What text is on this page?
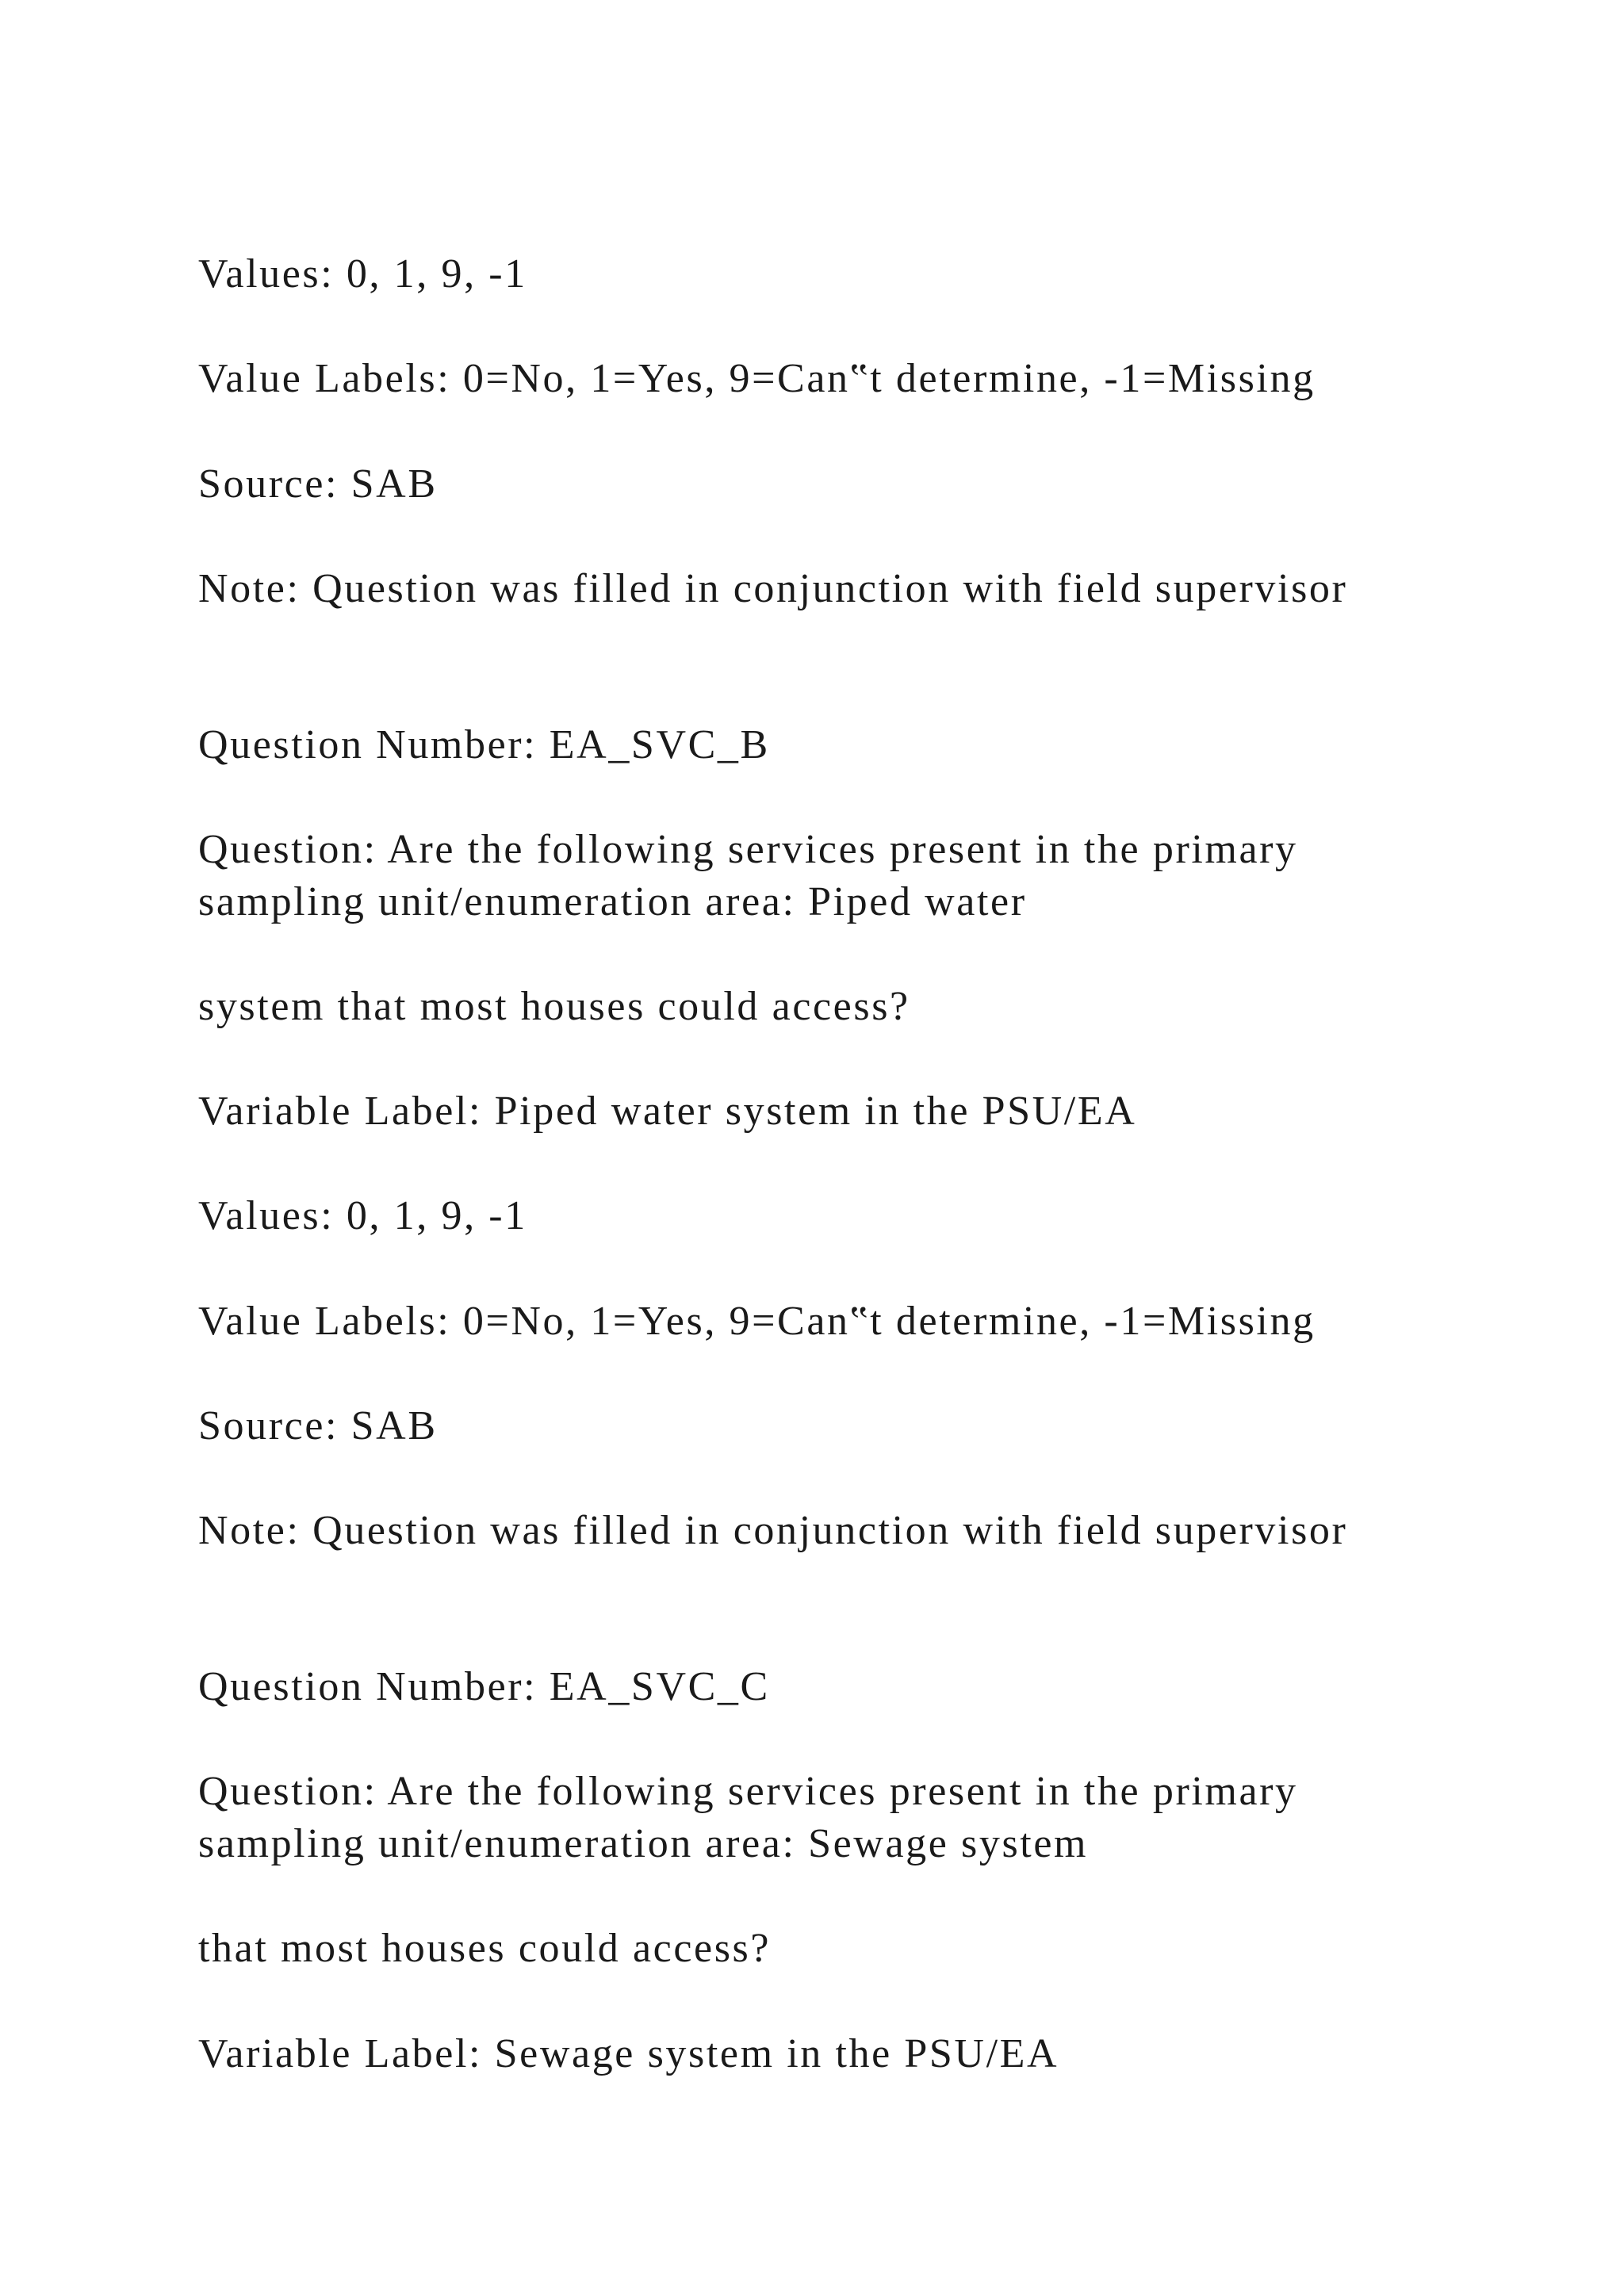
Values: 0, 1, 9, -1

Value Labels: 0=No, 1=Yes, 9=Can‟t determine, -1=Missing

Source: SAB

Note: Question was filled in conjunction with field supervisor

Question Number: EA_SVC_B

Question: Are the following services present in the primary

sampling unit/enumeration area: Piped water

system that most houses could access?

Variable Label: Piped water system in the PSU/EA

Values: 0, 1, 9, -1

Value Labels: 0=No, 1=Yes, 9=Can‟t determine, -1=Missing

Source: SAB

Note: Question was filled in conjunction with field supervisor

Question Number: EA_SVC_C

Question: Are the following services present in the primary

sampling unit/enumeration area: Sewage system

that most houses could access?

Variable Label: Sewage system in the PSU/EA
